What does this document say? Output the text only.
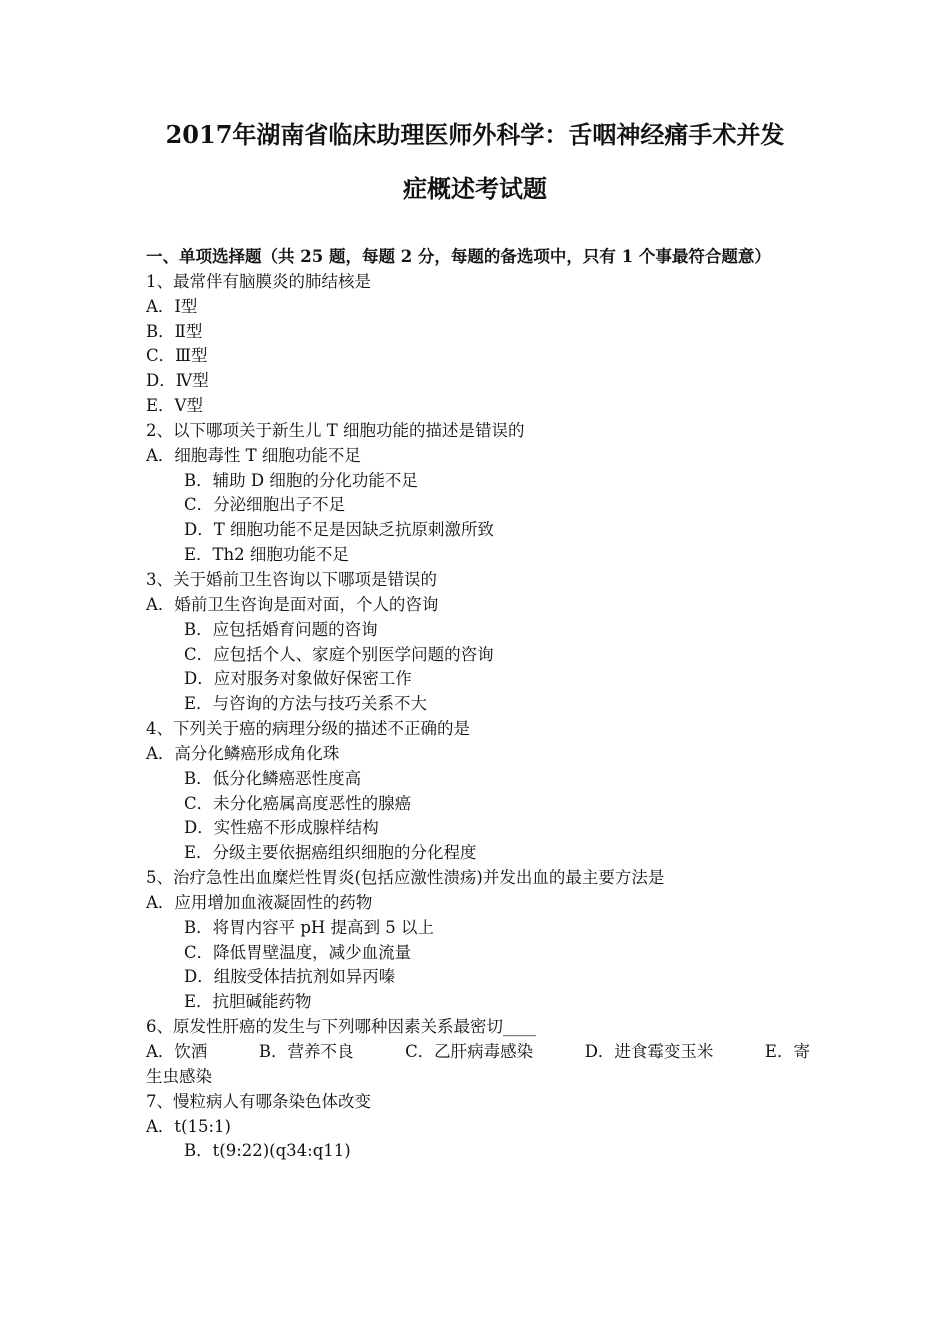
2017年湖南省临床助理医师外科学：舌咽神经痛手术并发
症概述考试题
一、单项选择题（共 25 题，每题 2 分，每题的备选项中，只有 1 个事最符合题意）
1、最常伴有脑膜炎的肺结核是
A．Ⅰ型
B．Ⅱ型
C．Ⅲ型
D．Ⅳ型
E．Ⅴ型
2、以下哪项关于新生儿 T 细胞功能的描述是错误的
A．细胞毒性 T 细胞功能不足
B．辅助 D 细胞的分化功能不足
C．分泌细胞出子不足
D．T 细胞功能不足是因缺乏抗原刺激所致
E．Th2 细胞功能不足
3、关于婚前卫生咨询以下哪项是错误的
A．婚前卫生咨询是面对面，个人的咨询
B．应包括婚育问题的咨询
C．应包括个人、家庭个别医学问题的咨询
D．应对服务对象做好保密工作
E．与咨询的方法与技巧关系不大
4、下列关于癌的病理分级的描述不正确的是
A．高分化鳞癌形成角化珠
B．低分化鳞癌恶性度高
C．未分化癌属高度恶性的腺癌
D．实性癌不形成腺样结构
E．分级主要依据癌组织细胞的分化程度
5、治疗急性出血糜烂性胃炎(包括应激性溃疡)并发出血的最主要方法是
A．应用增加血液凝固性的药物
B．将胃内容平 pH 提高到 5 以上
C．降低胃壁温度，减少血流量
D．组胺受体拮抗剂如异丙嗪
E．抗胆碱能药物
6、原发性肝癌的发生与下列哪种因素关系最密切____
A．饮酒	B．营养不良	C．乙肝病毒感染	D．进食霉变玉米	E．寄
生虫感染
7、慢粒病人有哪条染色体改变
A．t(15:1)
B．t(9:22)(q34:q11)
